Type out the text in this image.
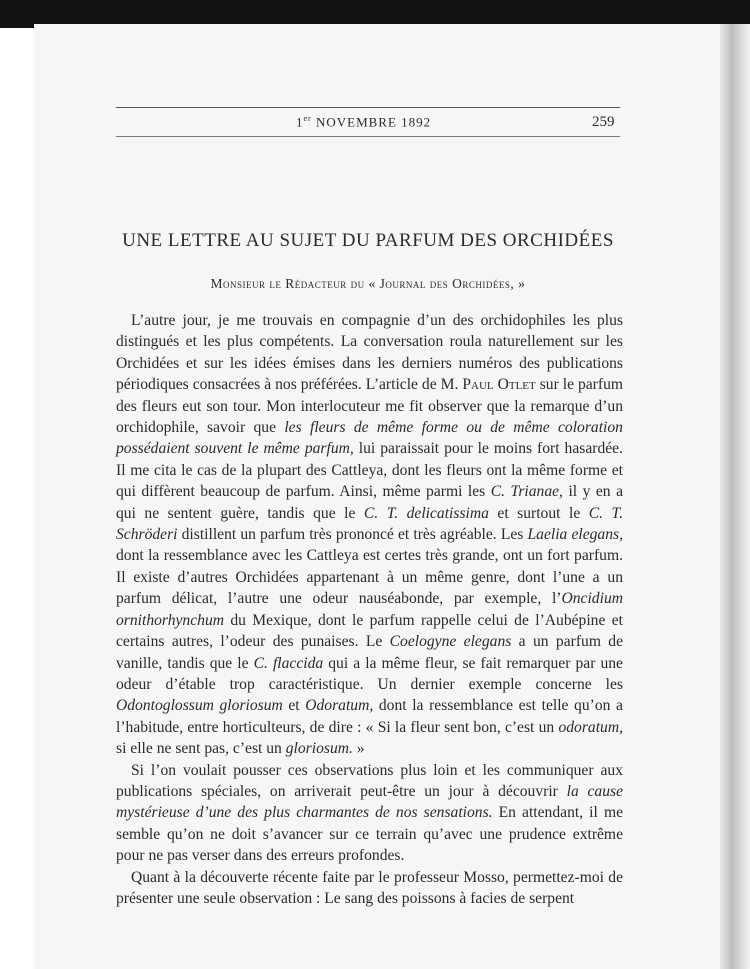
1er NOVEMBRE 1892	259
UNE LETTRE AU SUJET DU PARFUM DES ORCHIDÉES
Monsieur le Rédacteur du « Journal des Orchidées, »

L’autre jour, je me trouvais en compagnie d’un des orchidophiles les plus distingués et les plus compétents. La conversation roula naturellement sur les Orchidées et sur les idées émises dans les derniers numéros des publications périodiques consacrées à nos préférées. L’article de M. Paul Otlet sur le parfum des fleurs eut son tour. Mon interlocuteur me fit observer que la remarque d’un orchidophile, savoir que les fleurs de même forme ou de même coloration possédaient souvent le même parfum, lui paraissait pour le moins fort hasardée. Il me cita le cas de la plupart des Cattleya, dont les fleurs ont la même forme et qui diffèrent beaucoup de parfum. Ainsi, même parmi les C. Trianae, il y en a qui ne sentent guère, tandis que le C. T. delicatissima et surtout le C. T. Schröderi distillent un parfum très prononcé et très agréable. Les Laelia elegans, dont la ressemblance avec les Cattleya est certes très grande, ont un fort parfum. Il existe d’autres Orchidées appartenant à un même genre, dont l’une a un parfum délicat, l’autre une odeur nauséabonde, par exemple, l’Oncidium ornithorhynchum du Mexique, dont le parfum rappelle celui de l’Aubépine et certains autres, l’odeur des punaises. Le Coelogyne elegans a un parfum de vanille, tandis que le C. flaccida qui a la même fleur, se fait remarquer par une odeur d’étable trop caractéristique. Un dernier exemple concerne les Odontoglossum gloriosum et Odoratum, dont la ressemblance est telle qu’on a l’habitude, entre horticulteurs, de dire : « Si la fleur sent bon, c’est un odoratum, si elle ne sent pas, c’est un gloriosum. »

Si l’on voulait pousser ces observations plus loin et les communiquer aux publications spéciales, on arriverait peut-être un jour à découvrir la cause mystérieuse d’une des plus charmantes de nos sensations. En attendant, il me semble qu’on ne doit s’avancer sur ce terrain qu’avec une prudence extrême pour ne pas verser dans des erreurs profondes.

Quant à la découverte récente faite par le professeur Mosso, permettez-moi de présenter une seule observation : Le sang des poissons à facies de serpent
